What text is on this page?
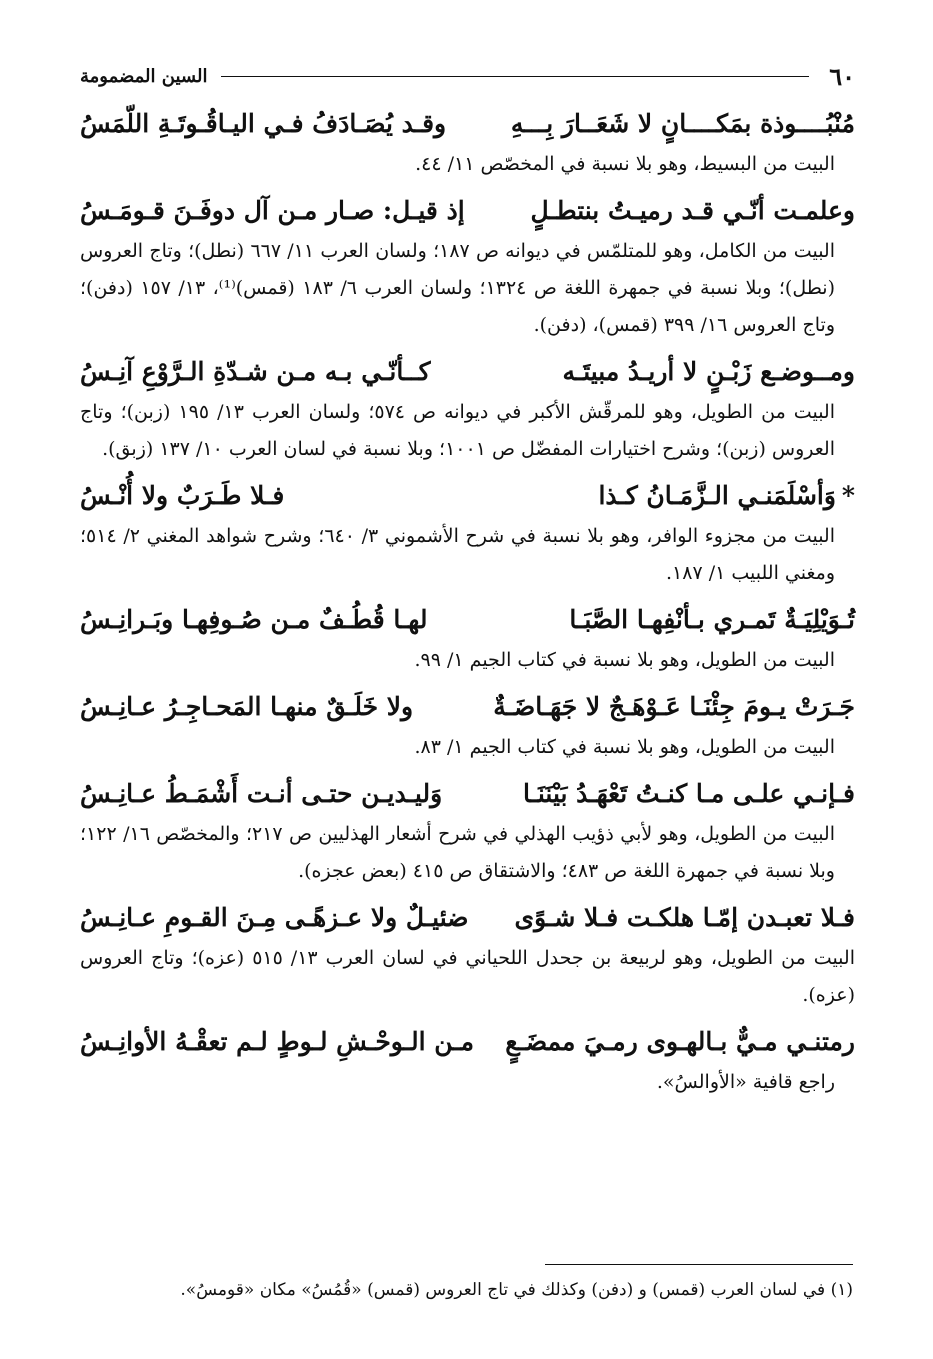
٦٠
السين المضمومة
مُنْبُــــوذة بمَكــــانٍ لا شَعَــارَ بِـــهِ
وقـد يُصَـادَفُ فـي اليـاقُـوتَـةِ اللّمَسُ
البيت من البسيط، وهو بلا نسبة في المخصّص ١١/ ٤٤.
وعلمـت أنّـي قـد رميـتُ بنتطـلٍ
إذ قيـل: صـار مـن آل دوفَـنَ قـومَـسُ
البيت من الكامل، وهو للمتلمّس في ديوانه ص ١٨٧؛ ولسان العرب ١١/ ٦٦٧ (نطل)؛ وتاج العروس (نطل)؛ وبلا نسبة في جمهرة اللغة ص ١٣٢٤؛ ولسان العرب ٦/ ١٨٣ (قمس)⁽¹⁾، ١٣/ ١٥٧ (دفن)؛ وتاج العروس ١٦/ ٣٩٩ (قمس)، (دفن).
ومــوضـع زَبْـنٍ لا أريـدُ مبيتَـه
كــأنّـي بـه مـن شـدّةِ الـرَّوْعِ آنِـسُ
البيت من الطويل، وهو للمرقّش الأكبر في ديوانه ص ٥٧٤؛ ولسان العرب ١٣/ ١٩٥ (زبن)؛ وتاج العروس (زبن)؛ وشرح اختيارات المفضّل ص ١٠٠١؛ وبلا نسبة في لسان العرب ١٠/ ١٣٧ (زبق).
*وَأسْلَمَنـي الـزَّمَـانُ كـذا
فـلا طَـرَبٌ ولا أُنْـسُ
البيت من مجزوء الوافر، وهو بلا نسبة في شرح الأشموني ٣/ ٦٤٠؛ وشرح شواهد المغني ٢/ ٥١٤؛ ومغني اللبيب ١/ ١٨٧.
تُـوَيْلِيَـةٌ تَمـري بـأنْفِهـا الصَّبَـا
لهـا قُطُـفٌ مـن صُـوفِهـا وبَـرانِـسُ
البيت من الطويل، وهو بلا نسبة في كتاب الجيم ١/ ٩٩.
جَـرَتْ يـومَ جِئْنَـا عَـوْهَـجٌ لا جَهَـاضَـةٌ
ولا خَلَـقٌ منهـا المَحـاجِـرُ عـانِـسُ
البيت من الطويل، وهو بلا نسبة في كتاب الجيم ١/ ٨٣.
فـإنـي علـى مـا كنـتُ تَعْهَـدُ بَيْنَنَـا
وَليـديـن حتـى أنـت أَشْمَـطُ عـانِـسُ
البيت من الطويل، وهو لأبي ذؤيب الهذلي في شرح أشعار الهذليين ص ٢١٧؛ والمخصّص ١٦/ ١٢٢؛ وبلا نسبة في جمهرة اللغة ص ٤٨٣؛ والاشتقاق ص ٤١٥ (بعض عجزه).
فـلا تعبـدن إمّـا هلكـت فـلا شـوًى
ضئيـلٌ ولا عـزهًـى مِـنَ القـومِ عـانِـسُ
البيت من الطويل، وهو لربيعة بن جحدل اللحياني في لسان العرب ١٣/ ٥١٥ (عزه)؛ وتاج العروس (عزه).
رمتنـي مـيٌّ بـالهـوى رمـيَ ممضَـعٍ
مـن الـوحْـشِ لـوطٍ لـم تعقْـهُ الأوانِـسُ
راجع قافية «الأوالسُ».
(١) في لسان العرب (قمس) و (دفن) وكذلك في تاج العروس (قمس) «قُمُسُ» مكان «قومسُ».
